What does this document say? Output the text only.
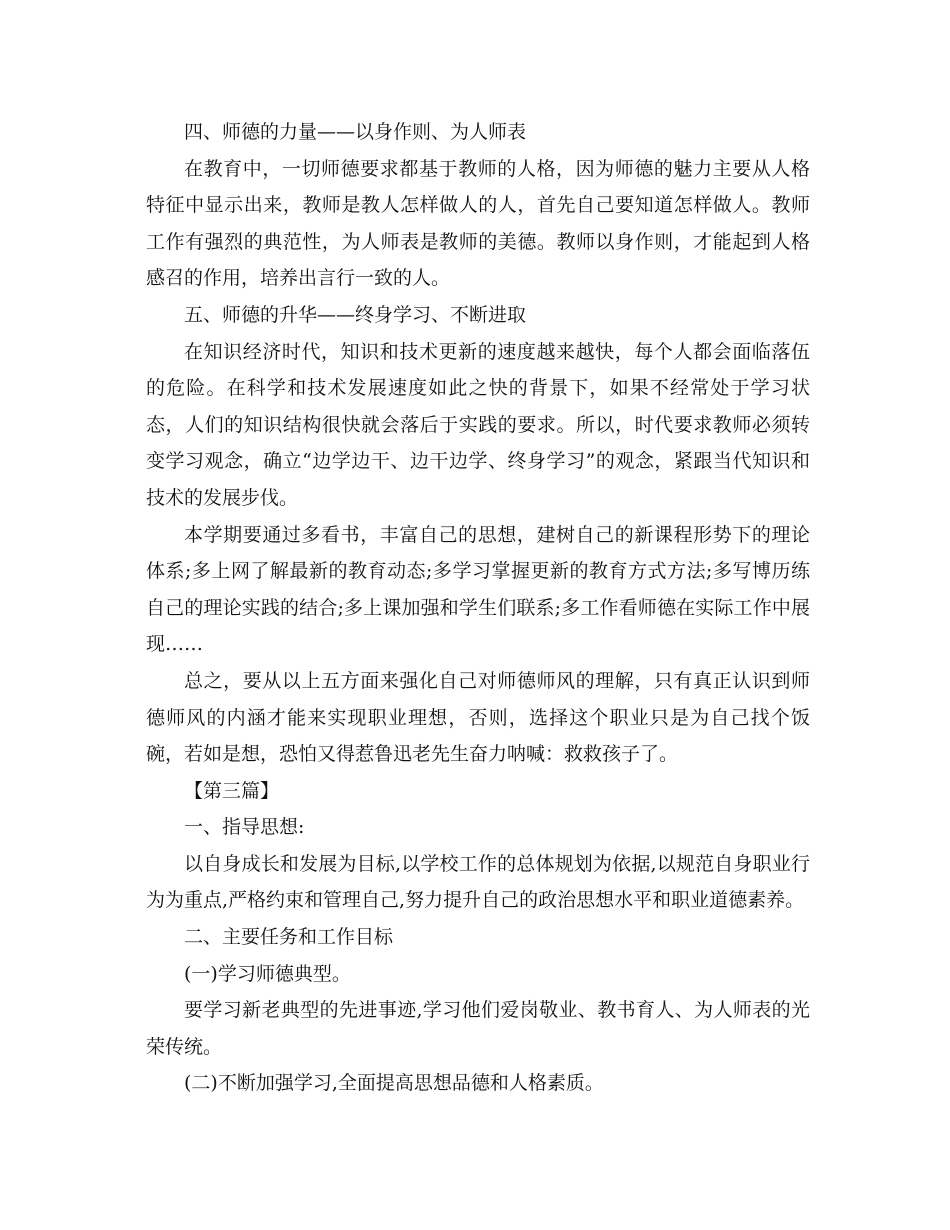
四、师德的力量——以身作则、为人师表

在教育中，一切师德要求都基于教师的人格，因为师德的魅力主要从人格特征中显示出来，教师是教人怎样做人的人，首先自己要知道怎样做人。教师工作有强烈的典范性，为人师表是教师的美德。教师以身作则，才能起到人格感召的作用，培养出言行一致的人。

五、师德的升华——终身学习、不断进取

在知识经济时代，知识和技术更新的速度越来越快，每个人都会面临落伍的危险。在科学和技术发展速度如此之快的背景下，如果不经常处于学习状态，人们的知识结构很快就会落后于实践的要求。所以，时代要求教师必须转变学习观念，确立“边学边干、边干边学、终身学习”的观念，紧跟当代知识和技术的发展步伐。

本学期要通过多看书，丰富自己的思想，建树自己的新课程形势下的理论体系;多上网了解最新的教育动态;多学习掌握更新的教育方式方法;多写博历练自己的理论实践的结合;多上课加强和学生们联系;多工作看师德在实际工作中展现……

总之，要从以上五方面来强化自己对师德师风的理解，只有真正认识到师德师风的内涵才能来实现职业理想，否则，选择这个职业只是为自己找个饭碗，若如是想，恐怕又得惹鲁迅老先生奋力呐喊：救救孩子了。

【第三篇】

一、指导思想:

以自身成长和发展为目标,以学校工作的总体规划为依据,以规范自身职业行为为重点,严格约束和管理自己,努力提升自己的政治思想水平和职业道德素养。

二、主要任务和工作目标

(一)学习师德典型。

要学习新老典型的先进事迹,学习他们爱岗敬业、教书育人、为人师表的光荣传统。

(二)不断加强学习,全面提高思想品德和人格素质。
